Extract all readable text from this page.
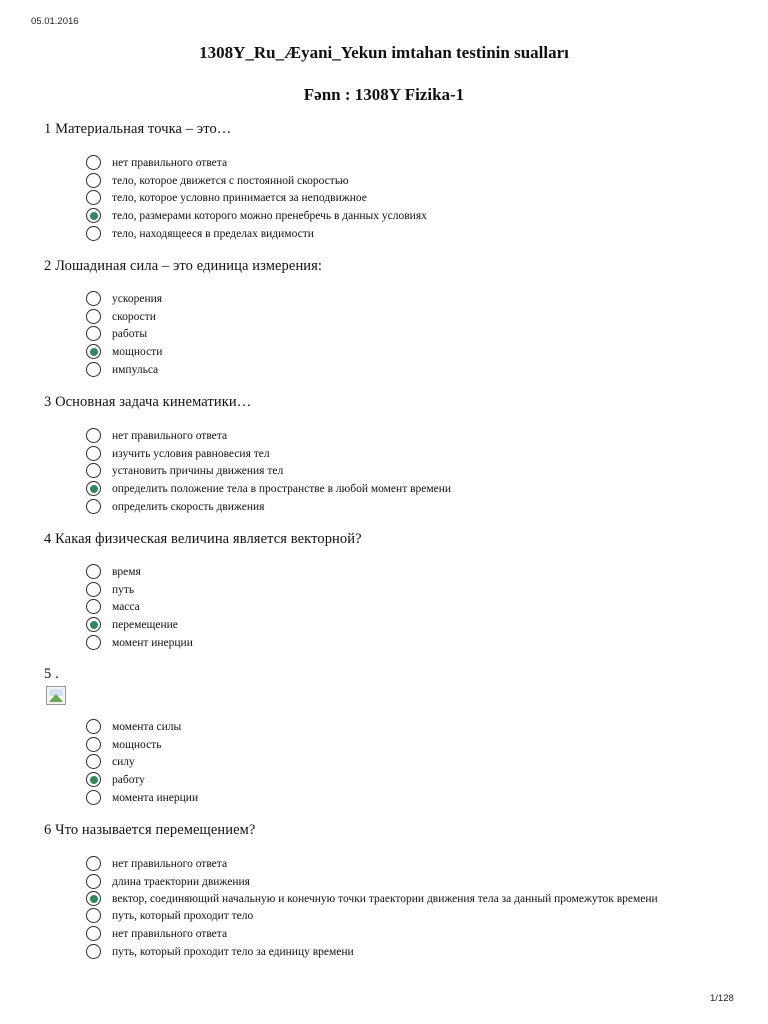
05.01.2016
1308Y_Ru_Æyani_Yekun imtahan testinin sualları
Fənn : 1308Y Fizika-1
1 Материальная точка – это…
нет правильного ответа
тело, которое движется с постоянной скоростью
тело, которое условно принимается за неподвижное
тело, размерами которого можно пренебречь в данных условиях
тело, находящееся в пределах видимости
2 Лошадиная сила – это единица измерения:
ускорения
скорости
работы
мощности
импульса
3 Основная задача кинематики…
нет правильного ответа
изучить условия равновесия тел
установить причины движения тел
определить положение тела в пространстве в любой момент времени
определить скорость движения
4 Какая физическая величина является векторной?
время
путь
масса
перемещение
момент инерции
5 .
момента силы
мощность
силу
работу
момента инерции
6 Что называется перемещением?
нет правильного ответа
длина траектории движения
вектор, соединяющий начальную и конечную точки траектории движения тела за данный промежуток времени
путь, который проходит тело
нет правильного ответа
путь, который проходит тело за единицу времени
1/128
